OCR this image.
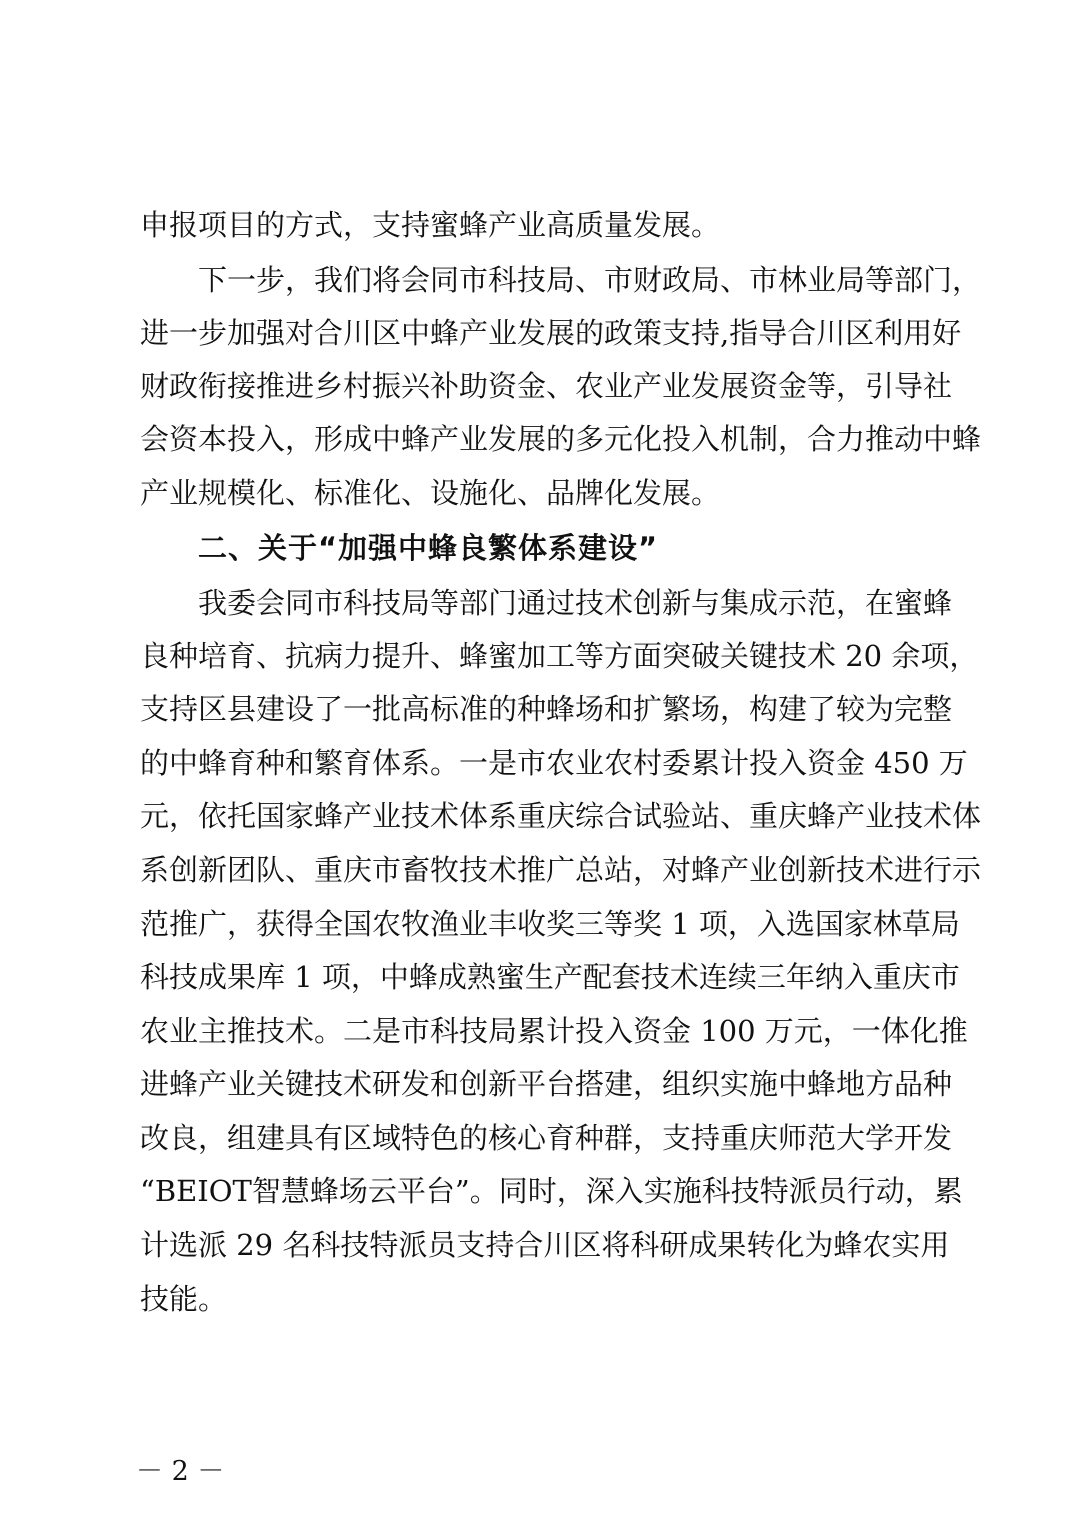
申报项目的方式，支持蜜蜂产业高质量发展。
下一步，我们将会同市科技局、市财政局、市林业局等部门，
进一步加强对合川区中蜂产业发展的政策支持,指导合川区利用好
财政衔接推进乡村振兴补助资金、农业产业发展资金等，引导社
会资本投入，形成中蜂产业发展的多元化投入机制，合力推动中蜂
产业规模化、标准化、设施化、品牌化发展。
二、关于“加强中蜂良繁体系建设”
我委会同市科技局等部门通过技术创新与集成示范，在蜜蜂
良种培育、抗病力提升、蜂蜜加工等方面突破关键技术 20 余项，
支持区县建设了一批高标准的种蜂场和扩繁场，构建了较为完整
的中蜂育种和繁育体系。一是市农业农村委累计投入资金 450 万
元，依托国家蜂产业技术体系重庆综合试验站、重庆蜂产业技术体
系创新团队、重庆市畜牧技术推广总站，对蜂产业创新技术进行示
范推广，获得全国农牧渔业丰收奖三等奖 1 项，入选国家林草局
科技成果库 1 项，中蜂成熟蜜生产配套技术连续三年纳入重庆市
农业主推技术。二是市科技局累计投入资金 100 万元，一体化推
进蜂产业关键技术研发和创新平台搭建，组织实施中蜂地方品种
改良，组建具有区域特色的核心育种群，支持重庆师范大学开发
“BEIOT智慧蜂场云平台”。同时，深入实施科技特派员行动，累
计选派 29 名科技特派员支持合川区将科研成果转化为蜂农实用
技能。
－ 2 －
